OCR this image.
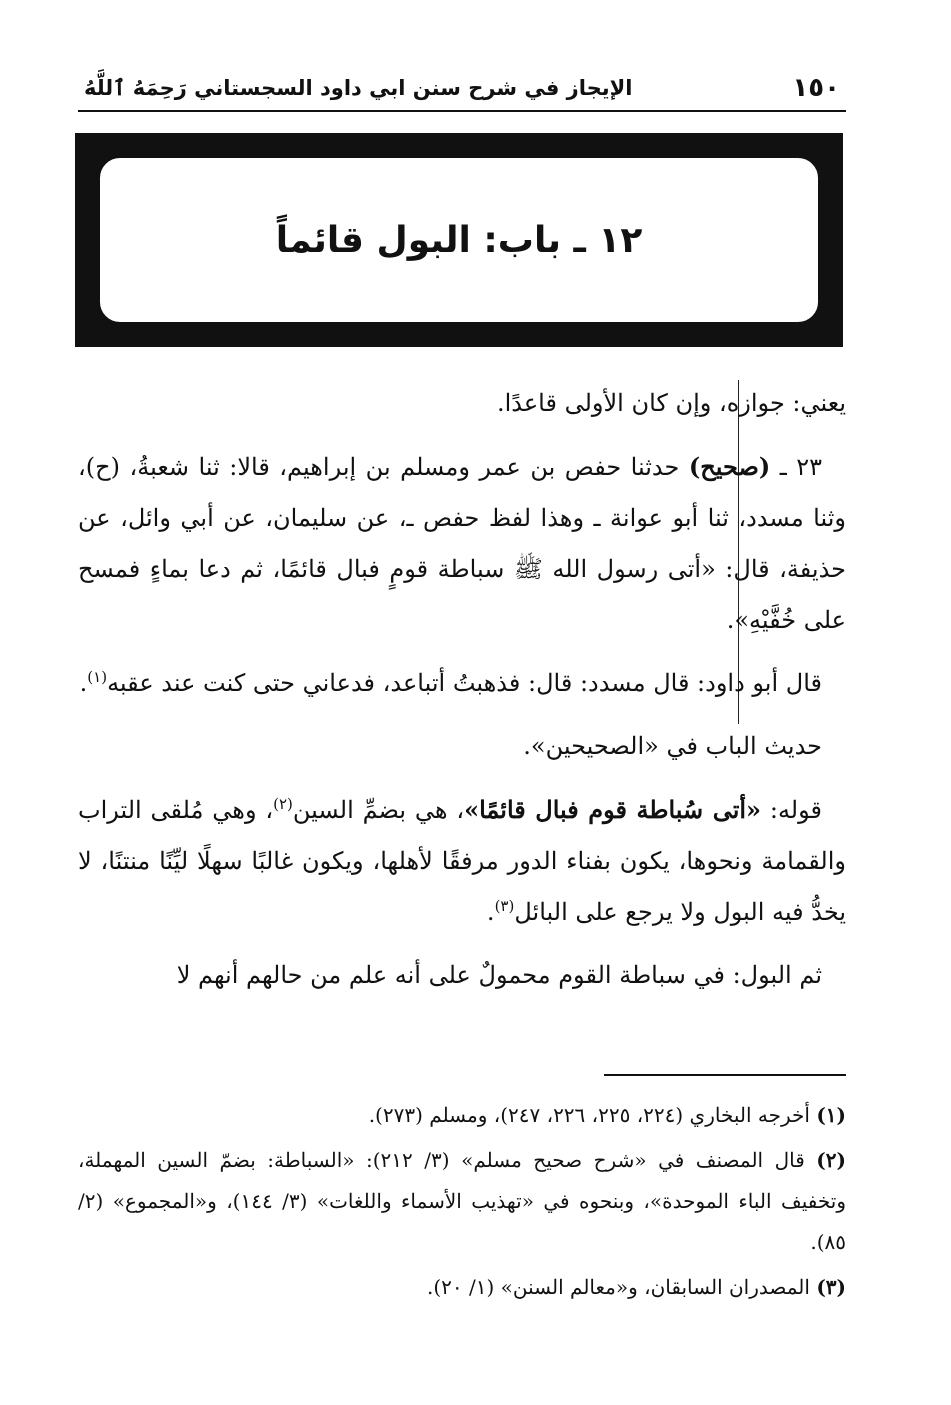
١٥٠
الإيجاز في شرح سنن ابي داود السجستاني رَحِمَهُ ٱللَّهُ
١٢ ـ باب: البول قائماً

يعني: جوازه، وإن كان الأولى قاعدًا.

٢٣ ـ (صحيح) حدثنا حفص بن عمر ومسلم بن إبراهيم، قالا: ثنا شعبةُ، (ح)، وثنا مسدد، ثنا أبو عوانة ـ وهذا لفظ حفص ـ، عن سليمان، عن أبي وائل، عن حذيفة، قال: «أتى رسول الله ﷺ سباطة قومٍ فبال قائمًا، ثم دعا بماءٍ فمسح على خُفَّيْهِ».

قال أبو داود: قال مسدد: قال: فذهبتُ أتباعد، فدعاني حتى كنت عند عقبه$^{(١)}$.

حديث الباب في «الصحيحين».

قوله: «أتى سُباطة قوم فبال قائمًا»، هي بضمِّ السين$^{(٢)}$، وهي مُلقى التراب والقمامة ونحوها، يكون بفناء الدور مرفقًا لأهلها، ويكون غالبًا سهلًا ليِّنًا منتنًا، لا يخدُّ فيه البول ولا يرجع على البائل$^{(٣)}$.

ثم البول: في سباطة القوم محمولٌ على أنه علم من حالهم أنهم لا

(١) أخرجه البخاري (٢٢٤، ٢٢٥، ٢٢٦، ٢٤٧)، ومسلم (٢٧٣).

(٢) قال المصنف في «شرح صحيح مسلم» (٣/ ٢١٢): «السباطة: بضمّ السين المهملة، وتخفيف الباء الموحدة»، وبنحوه في «تهذيب الأسماء واللغات» (٣/ ١٤٤)، و«المجموع» (٢/ ٨٥).

(٣) المصدران السابقان، و«معالم السنن» (١/ ٢٠).
